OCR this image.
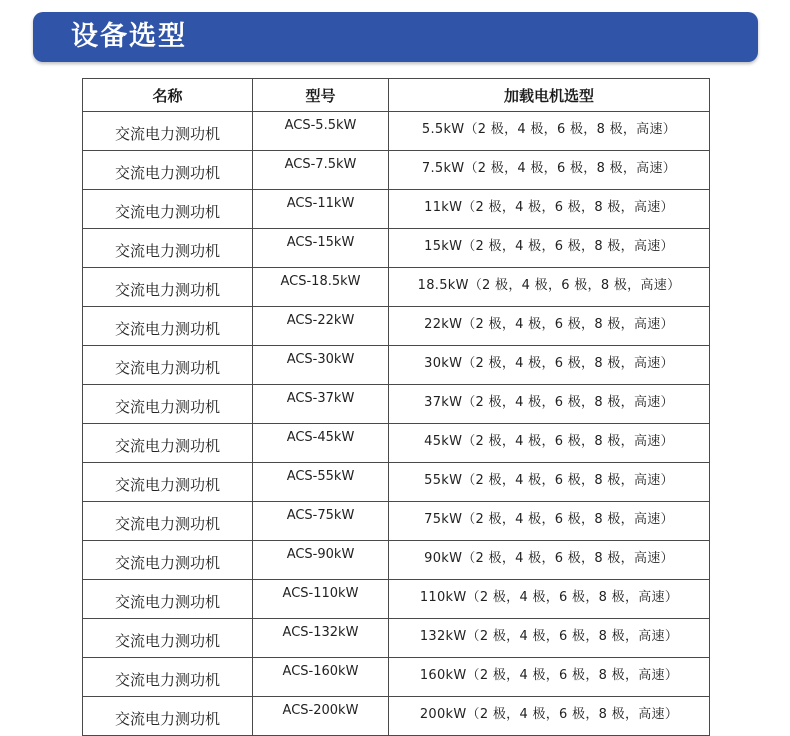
设备选型
名称	型号	加载电机选型
交流电力测功机	ACS-5.5kW	5.5kW（2 极，4 极，6 极，8 极，高速）
交流电力测功机	ACS-7.5kW	7.5kW（2 极，4 极，6 极，8 极，高速）
交流电力测功机	ACS-11kW	11kW（2 极，4 极，6 极，8 极，高速）
交流电力测功机	ACS-15kW	15kW（2 极，4 极，6 极，8 极，高速）
交流电力测功机	ACS-18.5kW	18.5kW（2 极，4 极，6 极，8 极，高速）
交流电力测功机	ACS-22kW	22kW（2 极，4 极，6 极，8 极，高速）
交流电力测功机	ACS-30kW	30kW（2 极，4 极，6 极，8 极，高速）
交流电力测功机	ACS-37kW	37kW（2 极，4 极，6 极，8 极，高速）
交流电力测功机	ACS-45kW	45kW（2 极，4 极，6 极，8 极，高速）
交流电力测功机	ACS-55kW	55kW（2 极，4 极，6 极，8 极，高速）
交流电力测功机	ACS-75kW	75kW（2 极，4 极，6 极，8 极，高速）
交流电力测功机	ACS-90kW	90kW（2 极，4 极，6 极，8 极，高速）
交流电力测功机	ACS-110kW	110kW（2 极，4 极，6 极，8 极，高速）
交流电力测功机	ACS-132kW	132kW（2 极，4 极，6 极，8 极，高速）
交流电力测功机	ACS-160kW	160kW（2 极，4 极，6 极，8 极，高速）
交流电力测功机	ACS-200kW	200kW（2 极，4 极，6 极，8 极，高速）
